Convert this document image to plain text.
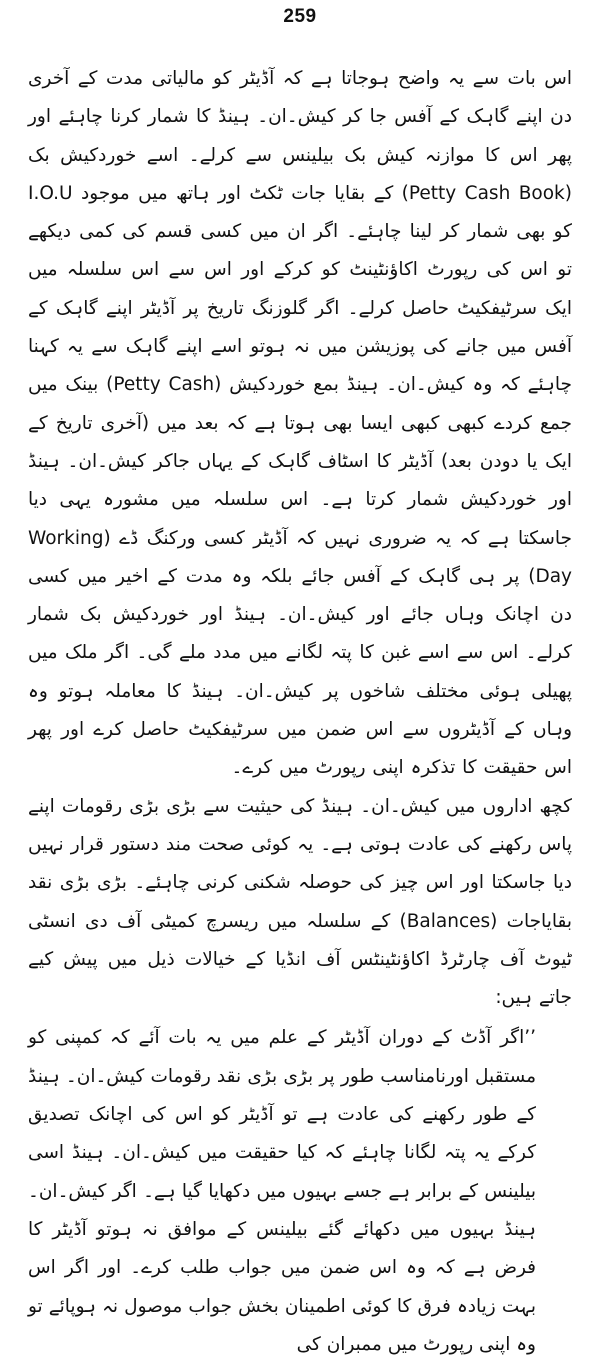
259

اس بات سے یہ واضح ہوجاتا ہے کہ آڈیٹر کو مالیاتی مدت کے آخری دن اپنے گاہک کے آفس جا کر کیش۔ان۔ ہینڈ کا شمار کرنا چاہئے اور پھر اس کا موازنہ کیش بک بیلینس سے کرلے۔ اسے خوردکیش بک (Petty Cash Book) کے بقایا جات ٹکٹ اور ہاتھ میں موجود I.O.U کو بھی شمار کر لینا چاہئے۔ اگر ان میں کسی قسم کی کمی دیکھے تو اس کی رپورٹ اکاؤنٹینٹ کو کرکے اور اس سے اس سلسلہ میں ایک سرٹیفکیٹ حاصل کرلے۔ اگر گلوزنگ تاریخ پر آڈیٹر اپنے گاہک کے آفس میں جانے کی پوزیشن میں نہ ہوتو اسے اپنے گاہک سے یہ کہنا چاہئے کہ وہ کیش۔ان۔ ہینڈ بمع خوردکیش (Petty Cash) بینک میں جمع کردے کبھی کبھی ایسا بھی ہوتا ہے کہ بعد میں (آخری تاریخ کے ایک یا دودن بعد) آڈیٹر کا اسٹاف گاہک کے یہاں جاکر کیش۔ان۔ ہینڈ اور خوردکیش شمار کرتا ہے۔ اس سلسلہ میں مشورہ یہی دیا جاسکتا ہے کہ یہ ضروری نہیں کہ آڈیٹر کسی ورکنگ ڈے (Working Day) پر ہی گاہک کے آفس جائے بلکہ وہ مدت کے اخیر میں کسی دن اچانک وہاں جائے اور کیش۔ان۔ ہینڈ اور خوردکیش بک شمار کرلے۔ اس سے اسے غبن کا پتہ لگانے میں مدد ملے گی۔ اگر ملک میں پھیلی ہوئی مختلف شاخوں پر کیش۔ان۔ ہینڈ کا معاملہ ہوتو وہ وہاں کے آڈیٹروں سے اس ضمن میں سرٹیفکیٹ حاصل کرے اور پھر اس حقیقت کا تذکرہ اپنی رپورٹ میں کرے۔

کچھ اداروں میں کیش۔ان۔ ہینڈ کی حیثیت سے بڑی بڑی رقومات اپنے پاس رکھنے کی عادت ہوتی ہے۔ یہ کوئی صحت مند دستور قرار نہیں دیا جاسکتا اور اس چیز کی حوصلہ شکنی کرنی چاہئے۔ بڑی بڑی نقد بقایاجات (Balances) کے سلسلہ میں ریسرچ کمیٹی آف دی انسٹی ٹیوٹ آف چارٹرڈ اکاؤنٹینٹس آف انڈیا کے خیالات ذیل میں پیش کیے جاتے ہیں:

’’اگر آڈٹ کے دوران آڈیٹر کے علم میں یہ بات آئے کہ کمپنی کو مستقبل اورنامناسب طور پر بڑی بڑی نقد رقومات کیش۔ان۔ ہینڈ کے طور رکھنے کی عادت ہے تو آڈیٹر کو اس کی اچانک تصدیق کرکے یہ پتہ لگانا چاہئے کہ کیا حقیقت میں کیش۔ان۔ ہینڈ اسی بیلینس کے برابر ہے جسے بہیوں میں دکھایا گیا ہے۔ اگر کیش۔ان۔ ہینڈ بہیوں میں دکھائے گئے بیلینس کے موافق نہ ہوتو آڈیٹر کا فرض ہے کہ وہ اس ضمن میں جواب طلب کرے۔ اور اگر اس بہت زیادہ فرق کا کوئی اطمینان بخش جواب موصول نہ ہوپائے تو وہ اپنی رپورٹ میں ممبران کی
